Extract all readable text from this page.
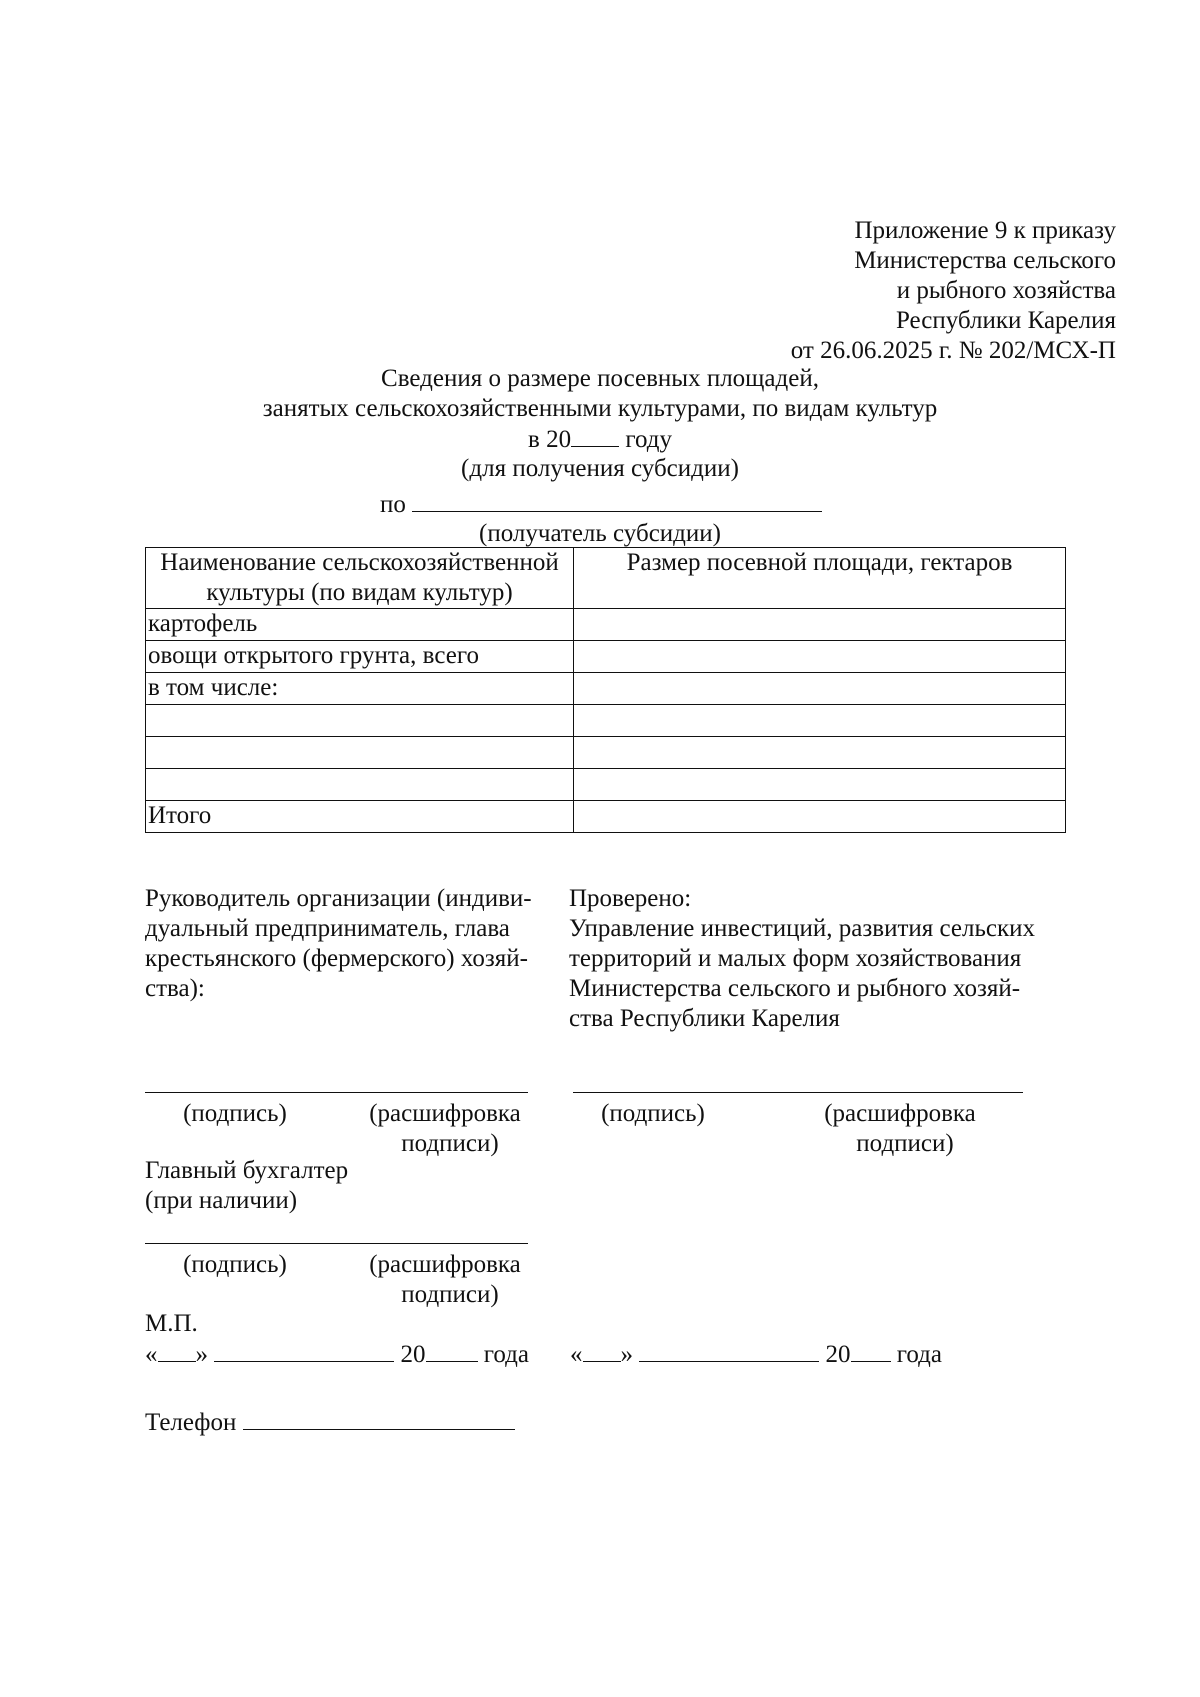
Приложение 9 к приказу
Министерства сельского
и рыбного хозяйства
Республики Карелия
от 26.06.2025 г. № 202/МСХ-П
Сведения о размере посевных площадей,
занятых сельскохозяйственными культурами, по видам культур
в 20 году
(для получения субсидии)
по
(получатель субсидии)
Наименование сельскохозяйственной культуры (по видам культур)	Размер посевной площади, гектаров
картофель	
овощи открытого грунта, всего	
в том числе:	

Итого	
Руководитель организации (индиви-
дуальный предприниматель, глава
крестьянского (фермерского) хозяй-
ства):
Проверено:
Управление инвестиций, развития сельских
территорий и малых форм хозяйствования
Министерства сельского и рыбного хозяй-
ства Республики Карелия
(подпись)	(расшифровка
подписи)
(подпись)	(расшифровка
подписи)
Главный бухгалтер
(при наличии)
(подпись)	(расшифровка
подписи)
М.П.
« »	20 года « »	20 года
Телефон
